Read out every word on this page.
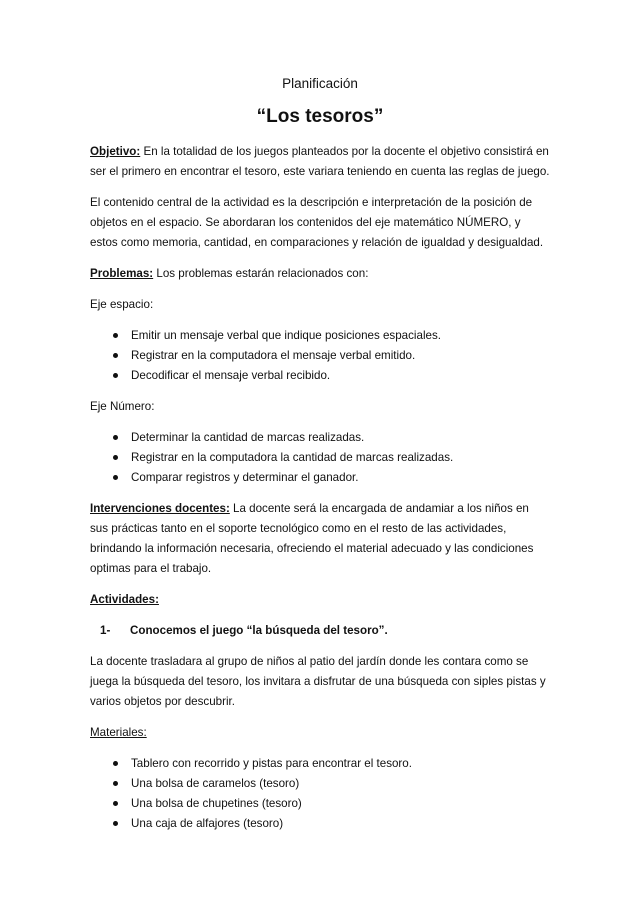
Planificación
“Los tesoros”

Objetivo: En la totalidad de los juegos planteados por la docente el objetivo consistirá en ser el primero en encontrar el tesoro, este variara teniendo en cuenta las reglas de juego.

El contenido central de la actividad es la descripción e interpretación de la posición de objetos en el espacio. Se abordaran los contenidos del eje matemático NÚMERO, y estos como memoria, cantidad, en comparaciones y relación de igualdad y desigualdad.

Problemas: Los problemas estarán relacionados con:

Eje espacio:

Emitir un mensaje verbal que indique posiciones espaciales.
Registrar en la computadora el mensaje verbal emitido.
Decodificar el mensaje verbal recibido.

Eje Número:

Determinar la cantidad de marcas realizadas.
Registrar en la computadora la cantidad de marcas realizadas.
Comparar registros y determinar el ganador.

Intervenciones docentes: La docente será la encargada de andamiar a los niños en sus prácticas tanto en el soporte tecnológico como en el resto de las actividades, brindando la información necesaria, ofreciendo el material adecuado y las condiciones optimas para el trabajo.

Actividades:

1- Conocemos el juego “la búsqueda del tesoro”.

La docente trasladara al grupo de niños al patio del jardín donde les contara como se juega la búsqueda del tesoro, los invitara a disfrutar de una búsqueda con siples pistas y varios objetos por descubrir.

Materiales:

Tablero con recorrido y pistas para encontrar el tesoro.
Una bolsa de caramelos (tesoro)
Una bolsa de chupetines (tesoro)
Una caja de alfajores (tesoro)
